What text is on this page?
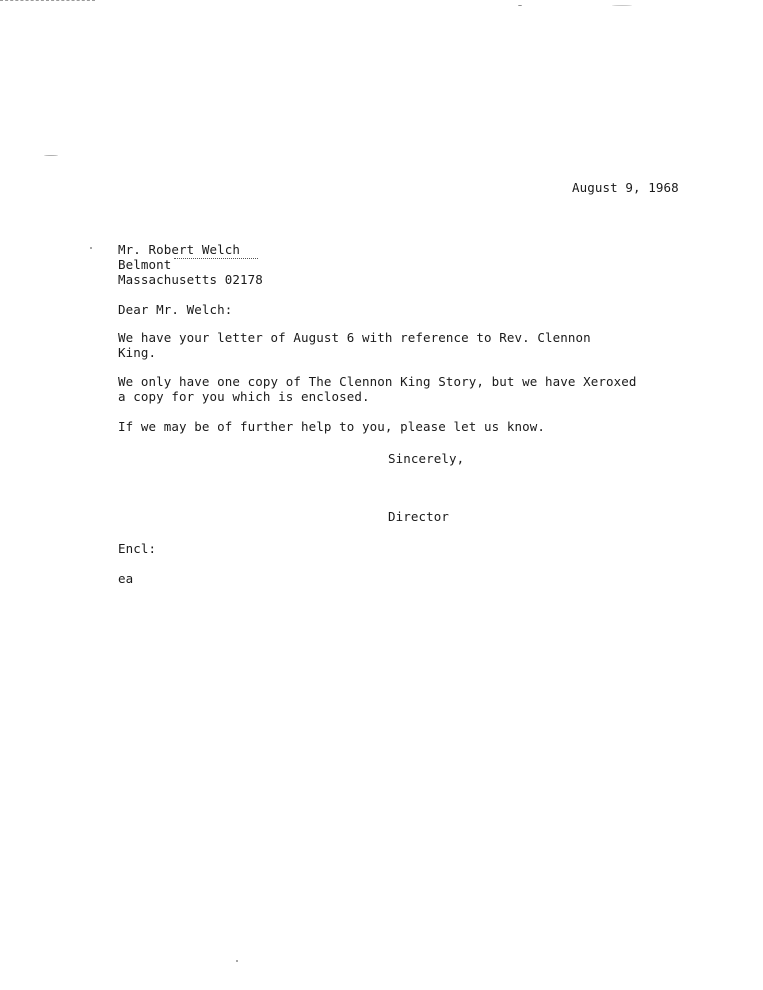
August 9, 1968
Mr. Robert Welch
Belmont
Massachusetts 02178
Dear Mr. Welch:
We have your letter of August 6 with reference to Rev. Clennon
King.
We only have one copy of The Clennon King Story, but we have Xeroxed
a copy for you which is enclosed.
If we may be of further help to you, please let us know.
Sincerely,
Director
Encl:
ea
